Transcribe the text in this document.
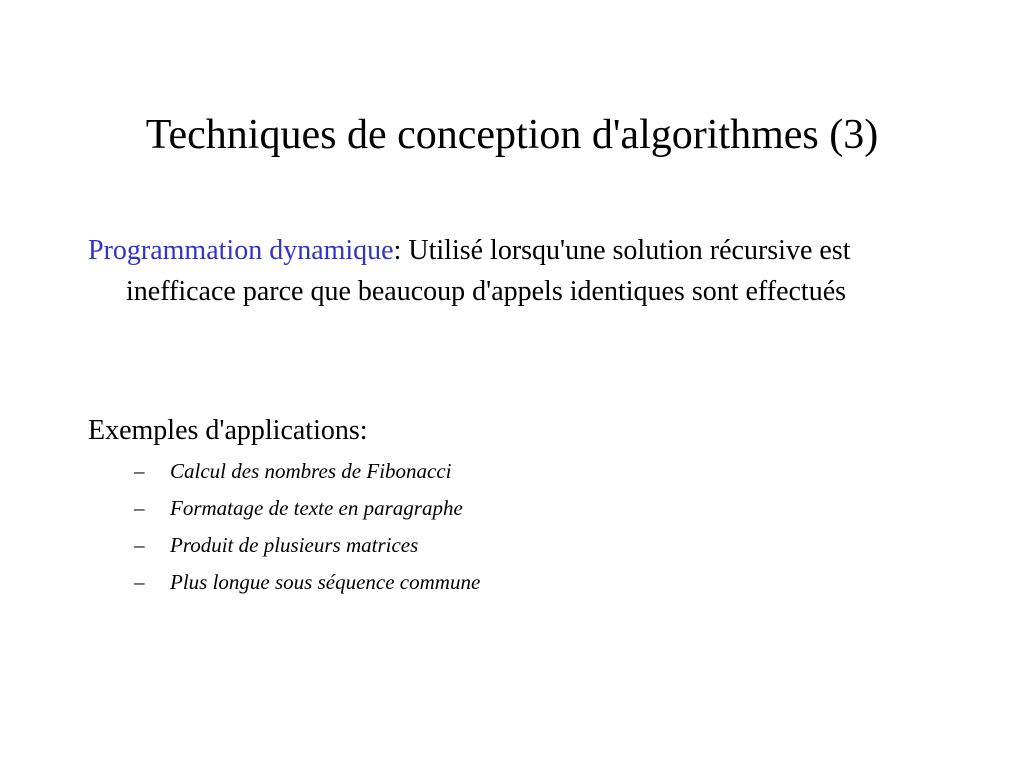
Techniques de conception d'algorithmes (3)
Programmation dynamique: Utilisé lorsqu'une solution récursive est inefficace parce que beaucoup d'appels identiques sont effectués
Exemples d'applications:
–	Calcul des nombres de Fibonacci
–	Formatage de texte en paragraphe
–	Produit de plusieurs matrices
–	Plus longue sous séquence commune
